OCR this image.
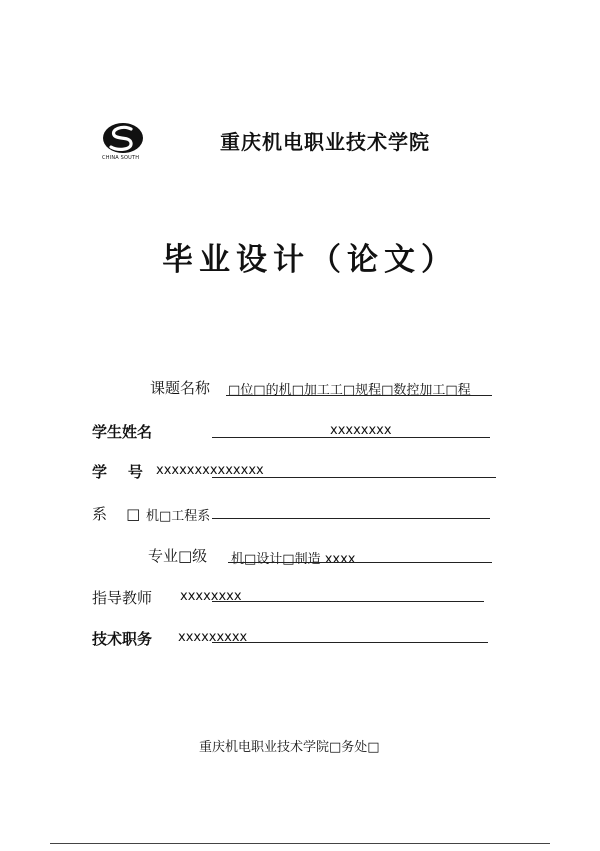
CHINA SOUTH
重庆机电职业技术学院
毕业设计（论文）
课题名称 □位□的机□加工工□规程□数控加工□程
学生姓名	xxxxxxxx
学    号 xxxxxxxxxxxxxx
系    □ 机□工程系
专业□级 机□设计□制造 xxxx
指导教师 xxxxxxxx
技术职务 xxxxxxxxx
重庆机电职业技术学院□务处□
